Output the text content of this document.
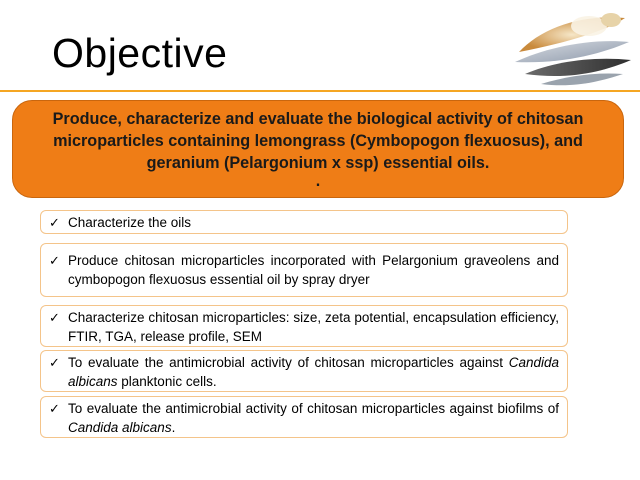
Objective
Produce, characterize and evaluate the biological activity of chitosan microparticles containing lemongrass (Cymbopogon flexuosus), and geranium (Pelargonium x ssp) essential oils.
.
✓ Characterize the oils
✓ Produce chitosan microparticles incorporated with Pelargonium graveolens and cymbopogon flexuosus essential oil by spray dryer
✓ Characterize chitosan microparticles: size, zeta potential, encapsulation efficiency, FTIR, TGA, release profile, SEM
✓ To evaluate the antimicrobial activity of chitosan microparticles against Candida albicans planktonic cells.
✓ To evaluate the antimicrobial activity of chitosan microparticles against biofilms of Candida albicans.
